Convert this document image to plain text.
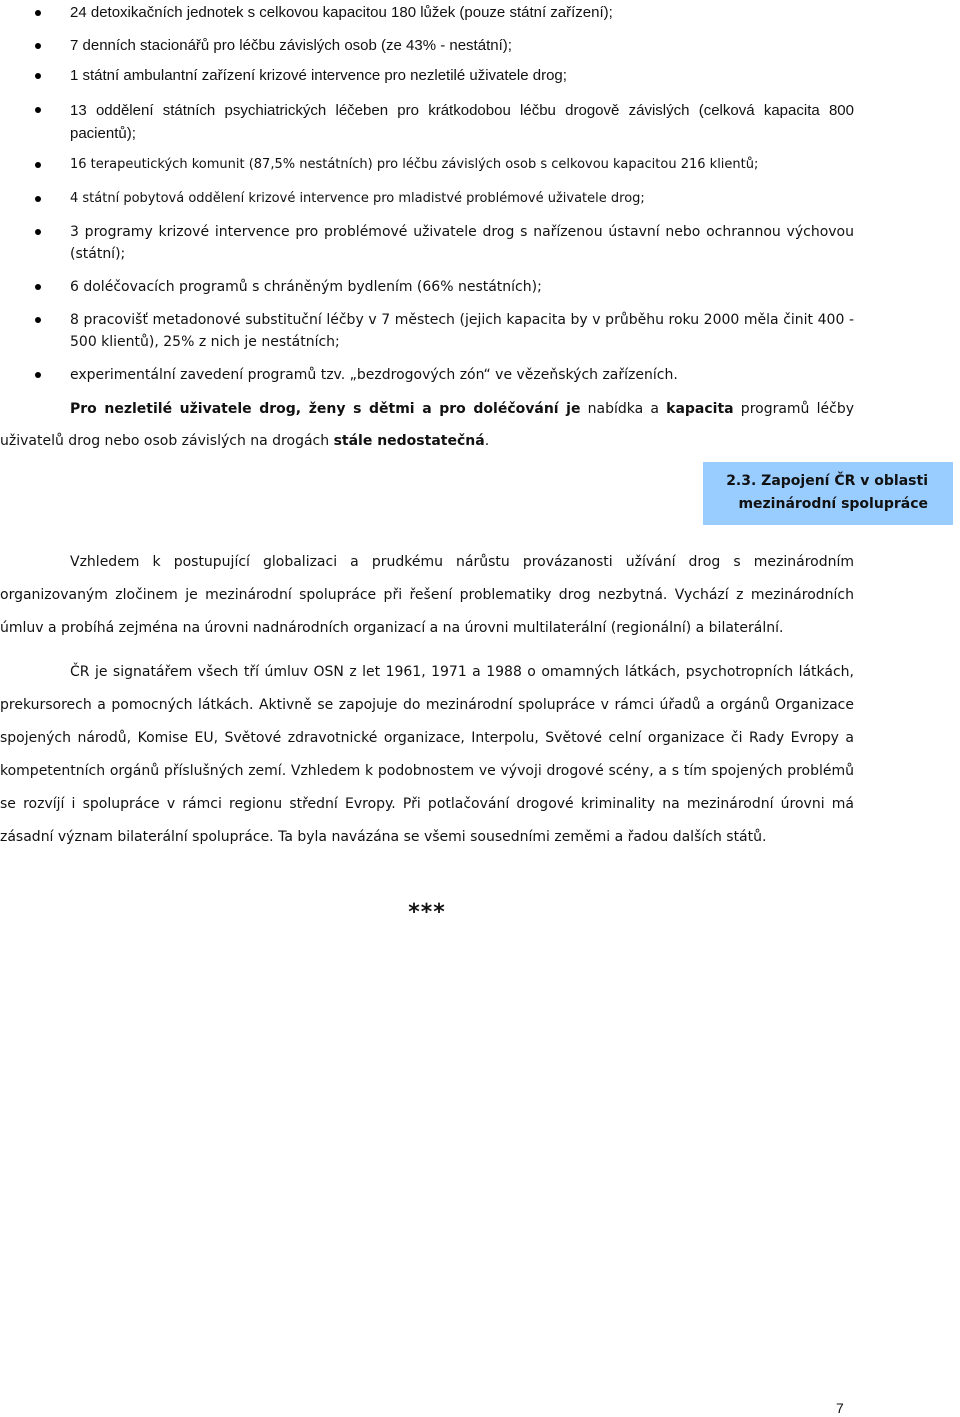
24 detoxikačních jednotek s celkovou kapacitou 180 lůžek (pouze státní zařízení);
7 denních stacionářů pro léčbu závislých osob (ze 43% - nestátní);
1 státní ambulantní zařízení krizové intervence pro nezletilé uživatele drog;
13 oddělení státních psychiatrických léčeben pro krátkodobou léčbu drogově závislých (celková kapacita 800 pacientů);
16 terapeutických komunit (87,5% nestátních) pro léčbu závislých osob s celkovou kapacitou 216 klientů;
4 státní pobytová oddělení krizové intervence pro mladistvé problémové uživatele drog;
3 programy krizové intervence pro problémové uživatele drog s nařízenou ústavní nebo ochrannou výchovou (státní);
6 doléčovacích programů s chráněným bydlením (66% nestátních);
8 pracovišť metadonové substituční léčby v 7 městech (jejich kapacita by v průběhu roku 2000 měla činit 400 - 500 klientů), 25% z nich je nestátních;
experimentální zavedení programů tzv. „bezdrogových zón“ ve vězeňských zařízeních.

Pro nezletilé uživatele drog, ženy s dětmi a pro doléčování je nabídka a kapacita programů léčby uživatelů drog nebo osob závislých na drogách stále nedostatečná.

2.3. Zapojení ČR v oblasti
mezinárodní spolupráce

Vzhledem k postupující globalizaci a prudkému nárůstu provázanosti užívání drog s mezinárodním organizovaným zločinem je mezinárodní spolupráce při řešení problematiky drog nezbytná. Vychází z mezinárodních úmluv a probíhá zejména na úrovni nadnárodních organizací a na úrovni multilaterální (regionální) a bilaterální.

ČR je signatářem všech tří úmluv OSN z let 1961, 1971 a 1988 o omamných látkách, psychotropních látkách, prekursorech a pomocných látkách. Aktivně se zapojuje do mezinárodní spolupráce v rámci úřadů a orgánů Organizace spojených národů, Komise EU, Světové zdravotnické organizace, Interpolu, Světové celní organizace či Rady Evropy a kompetentních orgánů příslušných zemí. Vzhledem k podobnostem ve vývoji drogové scény, a s tím spojených problémů se rozvíjí i spolupráce v rámci regionu střední Evropy. Při potlačování drogové kriminality na mezinárodní úrovni má zásadní význam bilaterální spolupráce. Ta byla navázána se všemi sousedními zeměmi a řadou dalších států.

***
7
